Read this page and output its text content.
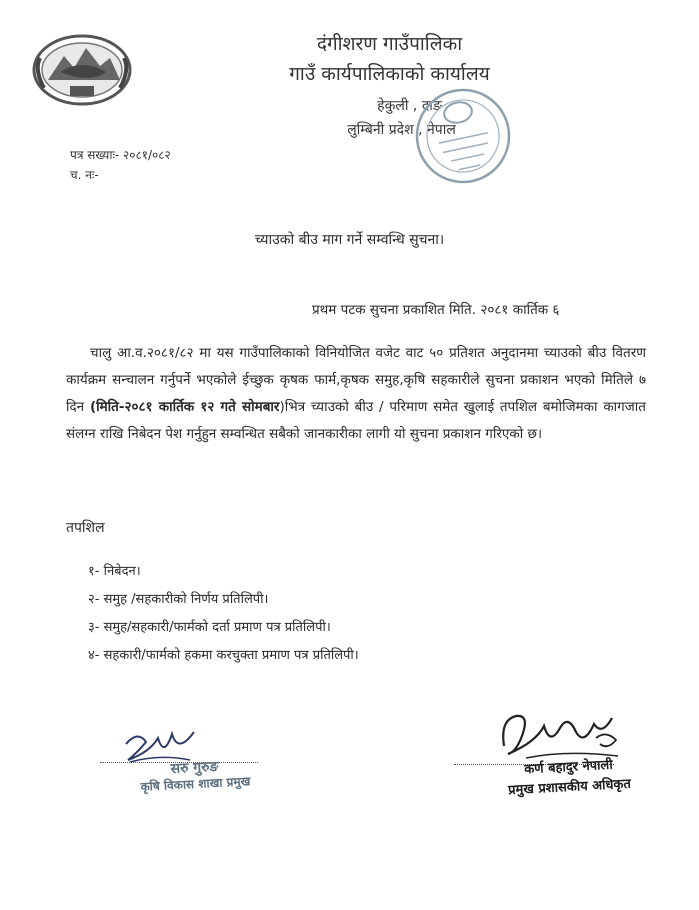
दंगीशरण गाउँपालिका
गाउँ कार्यपालिकाको कार्यालय
हेकुली , दाङ
लुम्बिनी प्रदेश , नेपाल
पत्र सख्याः- २०८१/०८२
च. नः-
च्याउको बीउ माग गर्ने सम्वन्धि सुचना।
प्रथम पटक सुचना प्रकाशित मिति. २०८१ कार्तिक ६
चालु आ.व.२०८१/८२ मा यस गाउँपालिकाको विनियोजित वजेट वाट ५० प्रतिशत अनुदानमा च्याउको बीउ वितरण कार्यक्रम सन्चालन गर्नुपर्ने भएकोले ईच्छुक कृषक फार्म,कृषक समुह,कृषि सहकारीले सुचना प्रकाशन भएको मितिले ७ दिन (मिति-२०८१ कार्तिक १२ गते सोमबार)भित्र च्याउको बीउ / परिमाण समेत खुलाई तपशिल बमोजिमका कागजात संलग्न राखि निबेदन पेश गर्नुहुन सम्वन्धित सबैको जानकारीका लागी यो सुचना प्रकाशन गरिएको छ।
तपशिल
१- निबेदन।
२- समुह /सहकारीको निर्णय प्रतिलिपी।
३- समुह/सहकारी/फार्मको दर्ता प्रमाण पत्र प्रतिलिपी।
४- सहकारी/फार्मको हकमा करचुक्ता प्रमाण पत्र प्रतिलिपी।
सरु गुरुङ
कृषि विकास शाखा प्रमुख
कर्ण बहादुर नेपाली
प्रमुख प्रशासकीय अधिकृत
